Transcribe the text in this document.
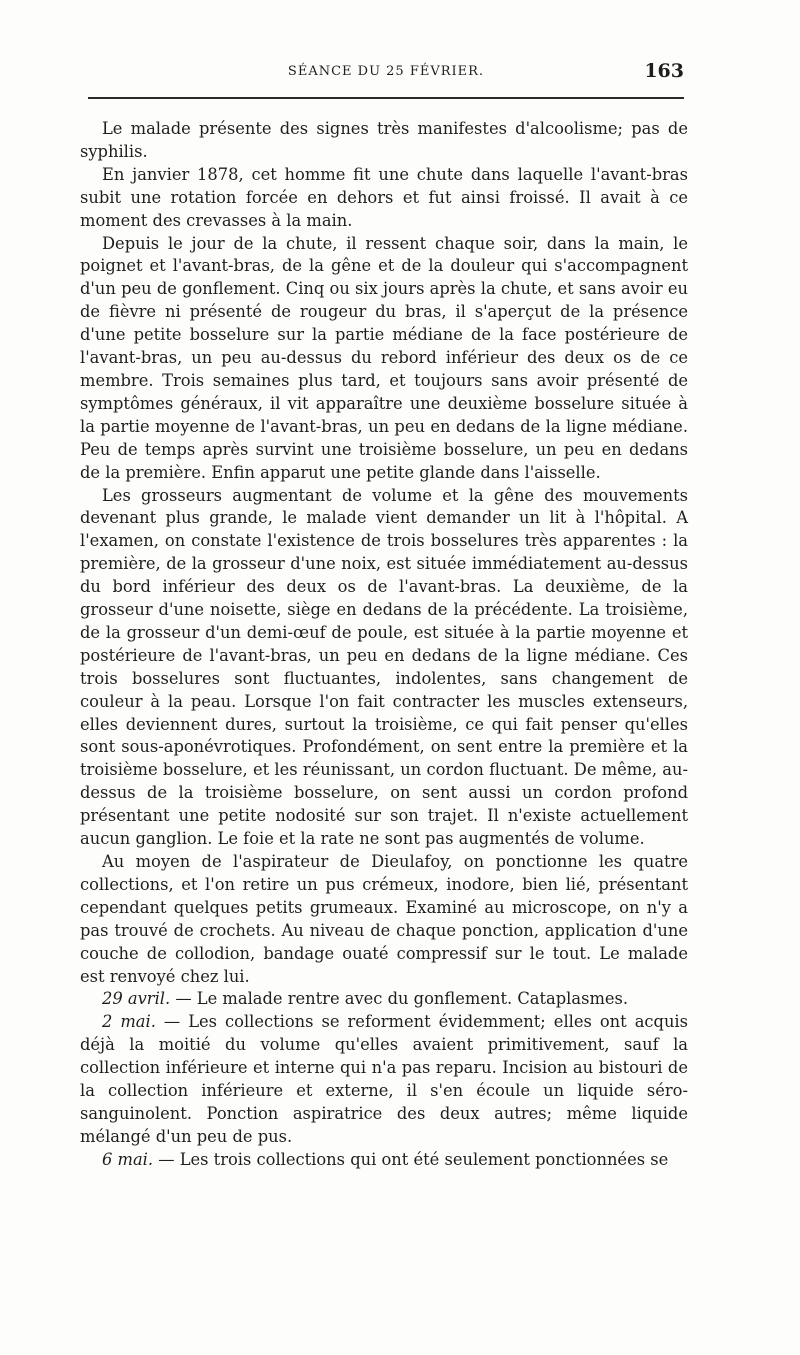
SÉANCE DU 25 FÉVRIER.	163

Le malade présente des signes très manifestes d'alcoolisme; pas de syphilis.

En janvier 1878, cet homme fit une chute dans laquelle l'avant-bras subit une rotation forcée en dehors et fut ainsi froissé. Il avait à ce moment des crevasses à la main.

Depuis le jour de la chute, il ressent chaque soir, dans la main, le poignet et l'avant-bras, de la gêne et de la douleur qui s'accompagnent d'un peu de gonflement. Cinq ou six jours après la chute, et sans avoir eu de fièvre ni présenté de rougeur du bras, il s'aperçut de la présence d'une petite bosselure sur la partie médiane de la face postérieure de l'avant-bras, un peu au-dessus du rebord inférieur des deux os de ce membre. Trois semaines plus tard, et toujours sans avoir présenté de symptômes généraux, il vit apparaître une deuxième bosselure située à la partie moyenne de l'avant-bras, un peu en dedans de la ligne médiane. Peu de temps après survint une troisième bosselure, un peu en dedans de la première. Enfin apparut une petite glande dans l'aisselle.

Les grosseurs augmentant de volume et la gêne des mouvements devenant plus grande, le malade vient demander un lit à l'hôpital. A l'examen, on constate l'existence de trois bosselures très apparentes : la première, de la grosseur d'une noix, est située immédiatement au-dessus du bord inférieur des deux os de l'avant-bras. La deuxième, de la grosseur d'une noisette, siège en dedans de la précédente. La troisième, de la grosseur d'un demi-œuf de poule, est située à la partie moyenne et postérieure de l'avant-bras, un peu en dedans de la ligne médiane. Ces trois bosselures sont fluctuantes, indolentes, sans changement de couleur à la peau. Lorsque l'on fait contracter les muscles extenseurs, elles deviennent dures, surtout la troisième, ce qui fait penser qu'elles sont sous-aponévrotiques. Profondément, on sent entre la première et la troisième bosselure, et les réunissant, un cordon fluctuant. De même, au-dessus de la troisième bosselure, on sent aussi un cordon profond présentant une petite nodosité sur son trajet. Il n'existe actuellement aucun ganglion. Le foie et la rate ne sont pas augmentés de volume.

Au moyen de l'aspirateur de Dieulafoy, on ponctionne les quatre collections, et l'on retire un pus crémeux, inodore, bien lié, présentant cependant quelques petits grumeaux. Examiné au microscope, on n'y a pas trouvé de crochets. Au niveau de chaque ponction, application d'une couche de collodion, bandage ouaté compressif sur le tout. Le malade est renvoyé chez lui.

29 avril. — Le malade rentre avec du gonflement. Cataplasmes.

2 mai. — Les collections se reforment évidemment; elles ont acquis déjà la moitié du volume qu'elles avaient primitivement, sauf la collection inférieure et interne qui n'a pas reparu. Incision au bistouri de la collection inférieure et externe, il s'en écoule un liquide séro-sanguinolent. Ponction aspiratrice des deux autres; même liquide mélangé d'un peu de pus.

6 mai. — Les trois collections qui ont été seulement ponctionnées se
